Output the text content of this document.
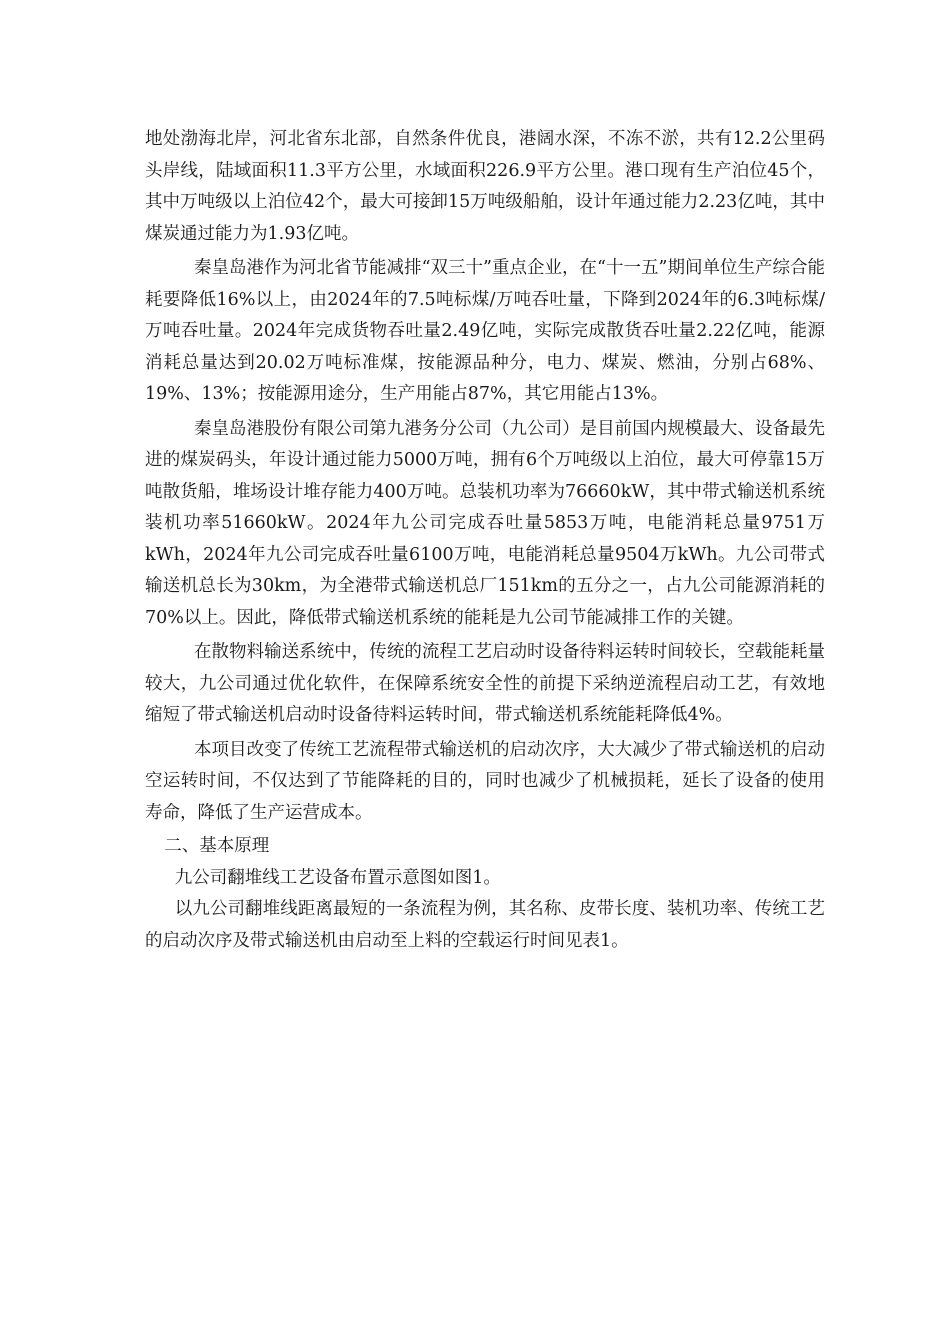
地处渤海北岸，河北省东北部，自然条件优良，港阔水深，不冻不淤，共有12.2公里码头岸线，陆域面积11.3平方公里，水域面积226.9平方公里。港口现有生产泊位45个，其中万吨级以上泊位42个，最大可接卸15万吨级船舶，设计年通过能力2.23亿吨，其中煤炭通过能力为1.93亿吨。

秦皇岛港作为河北省节能减排“双三十”重点企业，在“十一五”期间单位生产综合能耗要降低16%以上，由2024年的7.5吨标煤/万吨吞吐量，下降到2024年的6.3吨标煤/万吨吞吐量。2024年完成货物吞吐量2.49亿吨，实际完成散货吞吐量2.22亿吨，能源消耗总量达到20.02万吨标准煤，按能源品种分，电力、煤炭、燃油，分别占68%、19%、13%；按能源用途分，生产用能占87%，其它用能占13%。

秦皇岛港股份有限公司第九港务分公司（九公司）是目前国内规模最大、设备最先进的煤炭码头，年设计通过能力5000万吨，拥有6个万吨级以上泊位，最大可停靠15万吨散货船，堆场设计堆存能力400万吨。总装机功率为76660kW，其中带式输送机系统装机功率51660kW。2024年九公司完成吞吐量5853万吨，电能消耗总量9751万kWh，2024年九公司完成吞吐量6100万吨，电能消耗总量9504万kWh。九公司带式输送机总长为30km，为全港带式输送机总厂151km的五分之一，占九公司能源消耗的70%以上。因此，降低带式输送机系统的能耗是九公司节能减排工作的关键。

在散物料输送系统中，传统的流程工艺启动时设备待料运转时间较长，空载能耗量较大，九公司通过优化软件，在保障系统安全性的前提下采纳逆流程启动工艺，有效地缩短了带式输送机启动时设备待料运转时间，带式输送机系统能耗降低4%。

本项目改变了传统工艺流程带式输送机的启动次序，大大减少了带式输送机的启动空运转时间，不仅达到了节能降耗的目的，同时也减少了机械损耗，延长了设备的使用寿命，降低了生产运营成本。

二、基本原理

九公司翻堆线工艺设备布置示意图如图1。

以九公司翻堆线距离最短的一条流程为例，其名称、皮带长度、装机功率、传统工艺的启动次序及带式输送机由启动至上料的空载运行时间见表1。
